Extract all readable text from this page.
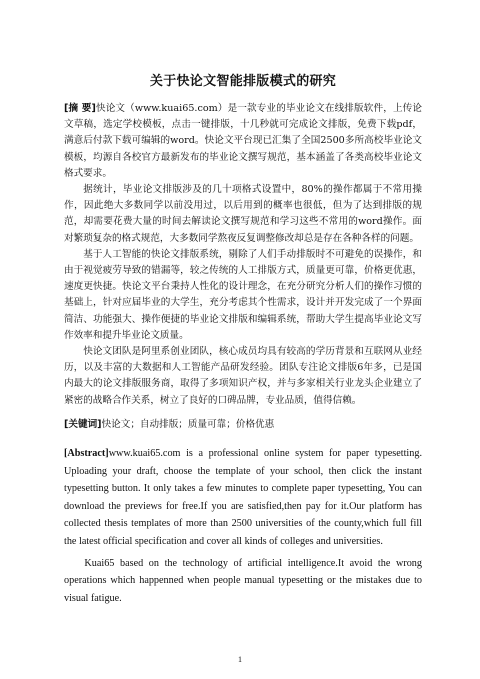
关于快论文智能排版模式的研究

[摘 要]快论文（www.kuai65.com）是一款专业的毕业论文在线排版软件，上传论文草稿，选定学校模板，点击一键排版，十几秒就可完成论文排版，免费下载pdf，满意后付款下载可编辑的word。快论文平台现已汇集了全国2500多所高校毕业论文模板，均源自各校官方最新发布的毕业论文撰写规范，基本涵盖了各类高校毕业论文格式要求。

据统计，毕业论文排版涉及的几十项格式设置中，80%的操作都属于不常用操作，因此绝大多数同学以前没用过，以后用到的概率也很低，但为了达到排版的规范，却需要花费大量的时间去解读论文撰写规范和学习这些不常用的word操作。面对繁琐复杂的格式规范，大多数同学熬夜反复调整修改却总是存在各种各样的问题。

基于人工智能的快论文排版系统，剔除了人们手动排版时不可避免的误操作，和由于视觉疲劳导致的错漏等，较之传统的人工排版方式，质量更可靠，价格更优惠，速度更快捷。快论文平台秉持人性化的设计理念，在充分研究分析人们的操作习惯的基础上，针对应届毕业的大学生，充分考虑其个性需求，设计并开发完成了一个界面简洁、功能强大、操作便捷的毕业论文排版和编辑系统，帮助大学生提高毕业论文写作效率和提升毕业论文质量。

快论文团队是阿里系创业团队，核心成员均具有较高的学历背景和互联网从业经历，以及丰富的大数据和人工智能产品研发经验。团队专注论文排版6年多，已是国内最大的论文排版服务商，取得了多项知识产权，并与多家相关行业龙头企业建立了紧密的战略合作关系，树立了良好的口碑品牌，专业品质，值得信赖。

[关键词]快论文；自动排版；质量可靠；价格优惠

[Abstract]www.kuai65.com is a professional online system for paper typesetting. Uploading your draft, choose the template of your school, then click the instant typesetting button. It only takes a few minutes to complete paper typesetting, You can download the previews for free.If you are satisfied,then pay for it.Our platform has collected thesis templates of more than 2500 universities of the county,which full fill the latest official specification and cover all kinds of colleges and universities.

Kuai65 based on the technology of artificial intelligence.It avoid the wrong operations which happenned when people manual typesetting or the mistakes due to visual fatigue.

1
